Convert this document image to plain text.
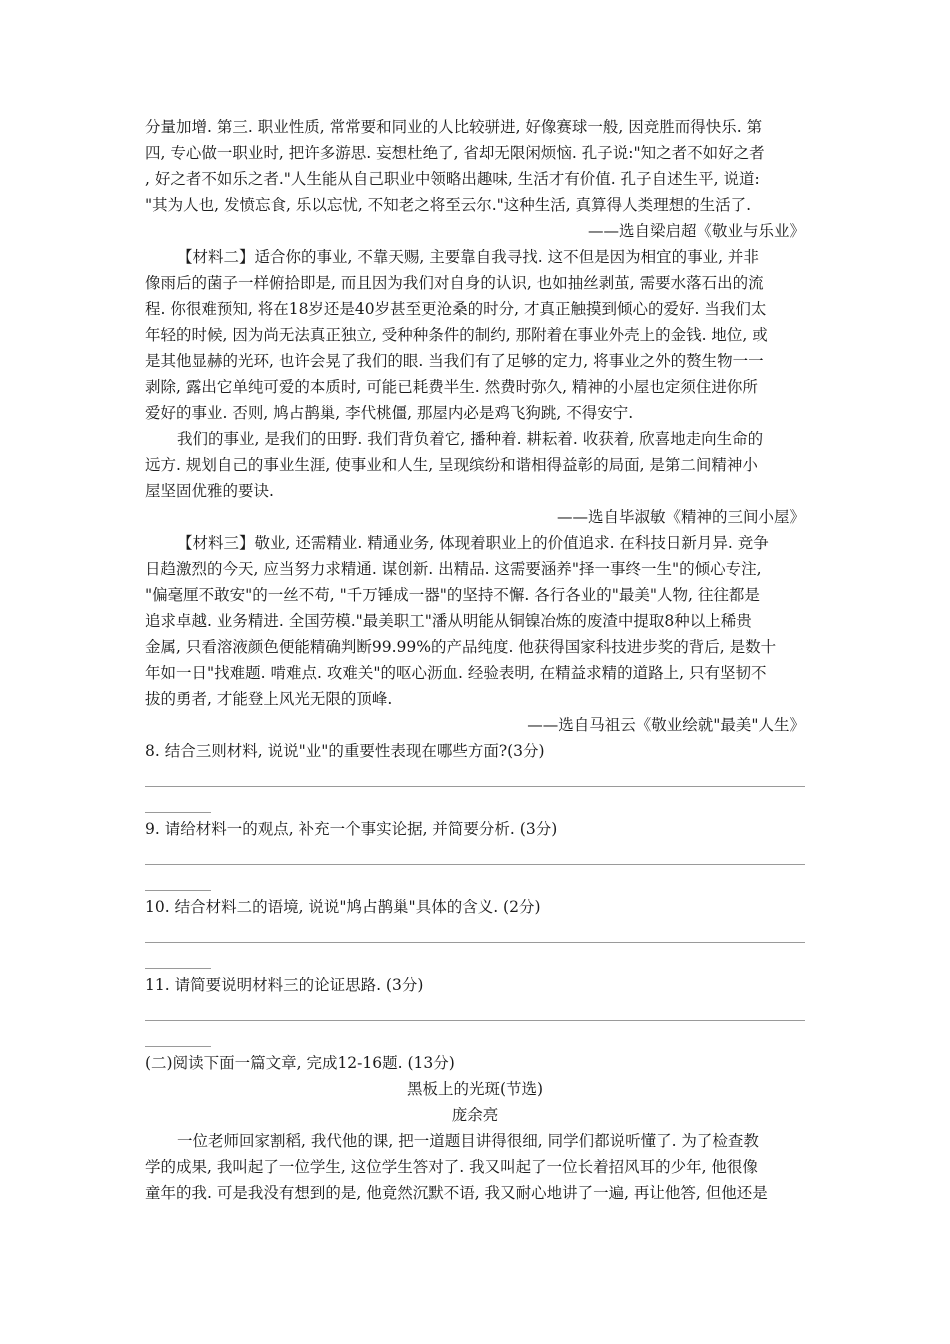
分量加增. 第三. 职业性质, 常常要和同业的人比较骈进, 好像赛球一般, 因竞胜而得快乐. 第
四, 专心做一职业时, 把许多游思. 妄想杜绝了, 省却无限闲烦恼. 孔子说:"知之者不如好之者
, 好之者不如乐之者."人生能从自己职业中领略出趣味, 生活才有价值. 孔子自述生平, 说道:
"其为人也, 发愤忘食, 乐以忘忧, 不知老之将至云尔."这种生活, 真算得人类理想的生活了.
——选自梁启超《敬业与乐业》
【材料二】适合你的事业, 不靠天赐, 主要靠自我寻找. 这不但是因为相宜的事业, 并非
像雨后的菌子一样俯拾即是, 而且因为我们对自身的认识, 也如抽丝剥茧, 需要水落石出的流
程. 你很难预知, 将在18岁还是40岁甚至更沧桑的时分, 才真正触摸到倾心的爱好. 当我们太
年轻的时候, 因为尚无法真正独立, 受种种条件的制约, 那附着在事业外壳上的金钱. 地位, 或
是其他显赫的光环, 也许会晃了我们的眼. 当我们有了足够的定力, 将事业之外的赘生物一一
剥除, 露出它单纯可爱的本质时, 可能已耗费半生. 然费时弥久, 精神的小屋也定须住进你所
爱好的事业. 否则, 鸠占鹊巢, 李代桃僵, 那屋内必是鸡飞狗跳, 不得安宁.
我们的事业, 是我们的田野. 我们背负着它, 播种着. 耕耘着. 收获着, 欣喜地走向生命的
远方. 规划自己的事业生涯, 使事业和人生, 呈现缤纷和谐相得益彰的局面, 是第二间精神小
屋坚固优雅的要诀.
——选自毕淑敏《精神的三间小屋》
【材料三】敬业, 还需精业. 精通业务, 体现着职业上的价值追求. 在科技日新月异. 竞争
日趋激烈的今天, 应当努力求精通. 谋创新. 出精品. 这需要涵养"择一事终一生"的倾心专注,
"偏毫厘不敢安"的一丝不苟, "千万锤成一器"的坚持不懈. 各行各业的"最美"人物, 往往都是
追求卓越. 业务精进. 全国劳模."最美职工"潘从明能从铜镍冶炼的废渣中提取8种以上稀贵
金属, 只看溶液颜色便能精确判断99.99%的产品纯度. 他获得国家科技进步奖的背后, 是数十
年如一日"找难题. 啃难点. 攻难关"的呕心沥血. 经验表明, 在精益求精的道路上, 只有坚韧不
拔的勇者, 才能登上风光无限的顶峰.
——选自马祖云《敬业绘就"最美"人生》
8. 结合三则材料, 说说"业"的重要性表现在哪些方面?(3分)
9. 请给材料一的观点, 补充一个事实论据, 并简要分析. (3分)
10. 结合材料二的语境, 说说"鸠占鹊巢"具体的含义. (2分)
11. 请简要说明材料三的论证思路. (3分)
(二)阅读下面一篇文章, 完成12-16题. (13分)
黑板上的光斑(节选)
庞余亮
一位老师回家割稻, 我代他的课, 把一道题目讲得很细, 同学们都说听懂了. 为了检查教
学的成果, 我叫起了一位学生, 这位学生答对了. 我又叫起了一位长着招风耳的少年, 他很像
童年的我. 可是我没有想到的是, 他竟然沉默不语, 我又耐心地讲了一遍, 再让他答, 但他还是
